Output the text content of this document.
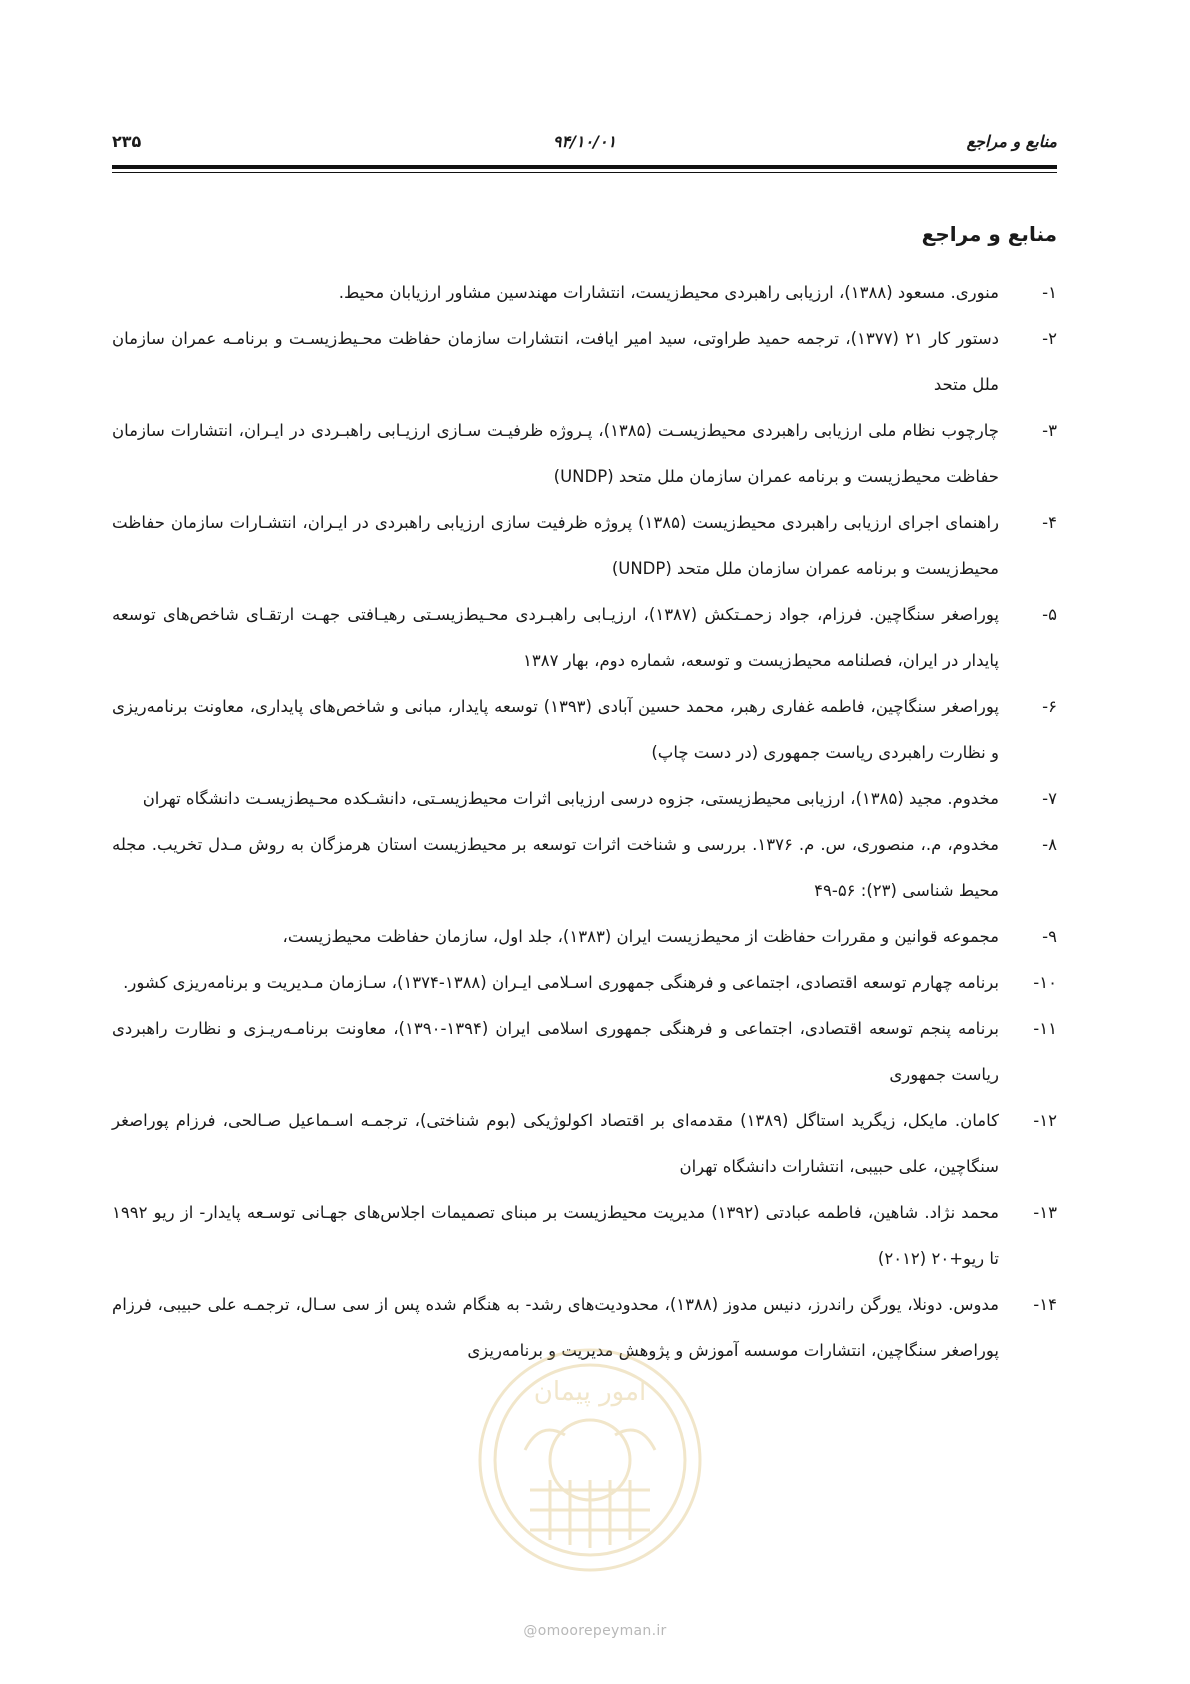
منابع و مراجع
۹۴/۱۰/۰۱
۲۳۵
منابع و مراجع
۱-
منوری. مسعود (۱۳۸۸)، ارزیابی راهبردی محیط‌زیست، انتشارات مهندسین مشاور ارزیابان محیط.
۲-
دستور کار ۲۱ (۱۳۷۷)، ترجمه حمید طراوتی، سید امیر ایافت، انتشارات سازمان حفاظت محـیط‌زیسـت و برنامـه عمران سازمان ملل متحد
۳-
چارچوب نظام ملی ارزیابی راهبردی محیط‌زیسـت (۱۳۸۵)، پـروژه ظرفیـت سـازی ارزیـابی راهبـردی در ایـران، انتشارات سازمان حفاظت محیط‌زیست و برنامه عمران سازمان ملل متحد (UNDP)
۴-
راهنمای اجرای ارزیابی راهبردی محیط‌زیست (۱۳۸۵) پروژه ظرفیت سازی ارزیابی راهبردی در ایـران، انتشـارات سازمان حفاظت محیط‌زیست و برنامه عمران سازمان ملل متحد (UNDP)
۵-
پوراصغر سنگاچین. فرزام، جواد زحمـتکش (۱۳۸۷)، ارزیـابی راهبـردی محـیط‌زیسـتی رهیـافتی جهـت ارتقـای شاخص‌های توسعه پایدار در ایران، فصلنامه محیط‌زیست و توسعه، شماره دوم، بهار ۱۳۸۷
۶-
پوراصغر سنگاچین، فاطمه غفاری رهبر، محمد حسین آبادی (۱۳۹۳) توسعه پایدار، مبانی و شاخص‌های پایداری، معاونت برنامه‌ریزی و نظارت راهبردی ریاست جمهوری (در دست چاپ)
۷-
مخدوم. مجید (۱۳۸۵)، ارزیابی محیط‌زیستی، جزوه درسی ارزیابی اثرات محیط‌زیسـتی، دانشـکده محـیط‌زیسـت دانشگاه تهران
۸-
مخدوم، م.، منصوری، س. م. ۱۳۷۶. بررسی و شناخت اثرات توسعه بر محیط‌زیست استان هرمزگان به روش مـدل تخریب. مجله محیط شناسی (۲۳): ۵۶-۴۹
۹-
مجموعه قوانین و مقررات حفاظت از محیط‌زیست ایران (۱۳۸۳)، جلد اول، سازمان حفاظت محیط‌زیست،
۱۰-
برنامه چهارم توسعه اقتصادی، اجتماعی و فرهنگی جمهوری اسـلامی ایـران (۱۳۸۸-۱۳۷۴)، سـازمان مـدیریت و برنامه‌ریزی کشور.
۱۱-
برنامه پنجم توسعه اقتصادی، اجتماعی و فرهنگی جمهوری اسلامی ایران (۱۳۹۴-۱۳۹۰)، معاونت برنامـه‌ریـزی و نظارت راهبردی ریاست جمهوری
۱۲-
کامان. مایکل، زیگرید استاگل (۱۳۸۹) مقدمه‌ای بر اقتصاد اکولوژیکی (بوم شناختی)، ترجمـه اسـماعیل صـالحی، فرزام پوراصغر سنگاچین، علی حبیبی، انتشارات دانشگاه تهران
۱۳-
محمد نژاد. شاهین، فاطمه عبادتی (۱۳۹۲) مدیریت محیط‌زیست بر مبنای تصمیمات اجلاس‌های جهـانی توسـعه پایدار- از ریو ۱۹۹۲ تا ریو+۲۰ (۲۰۱۲)
۱۴-
مدوس. دونلا، یورگن راندرز، دنیس مدوز (۱۳۸۸)، محدودیت‌های رشد- به هنگام شده پس از سی سـال، ترجمـه علی حبیبی، فرزام پوراصغر سنگاچین، انتشارات موسسه آموزش و پژوهش مدیریت و برنامه‌ریزی
امور پیمان
@omoorepeyman.ir
